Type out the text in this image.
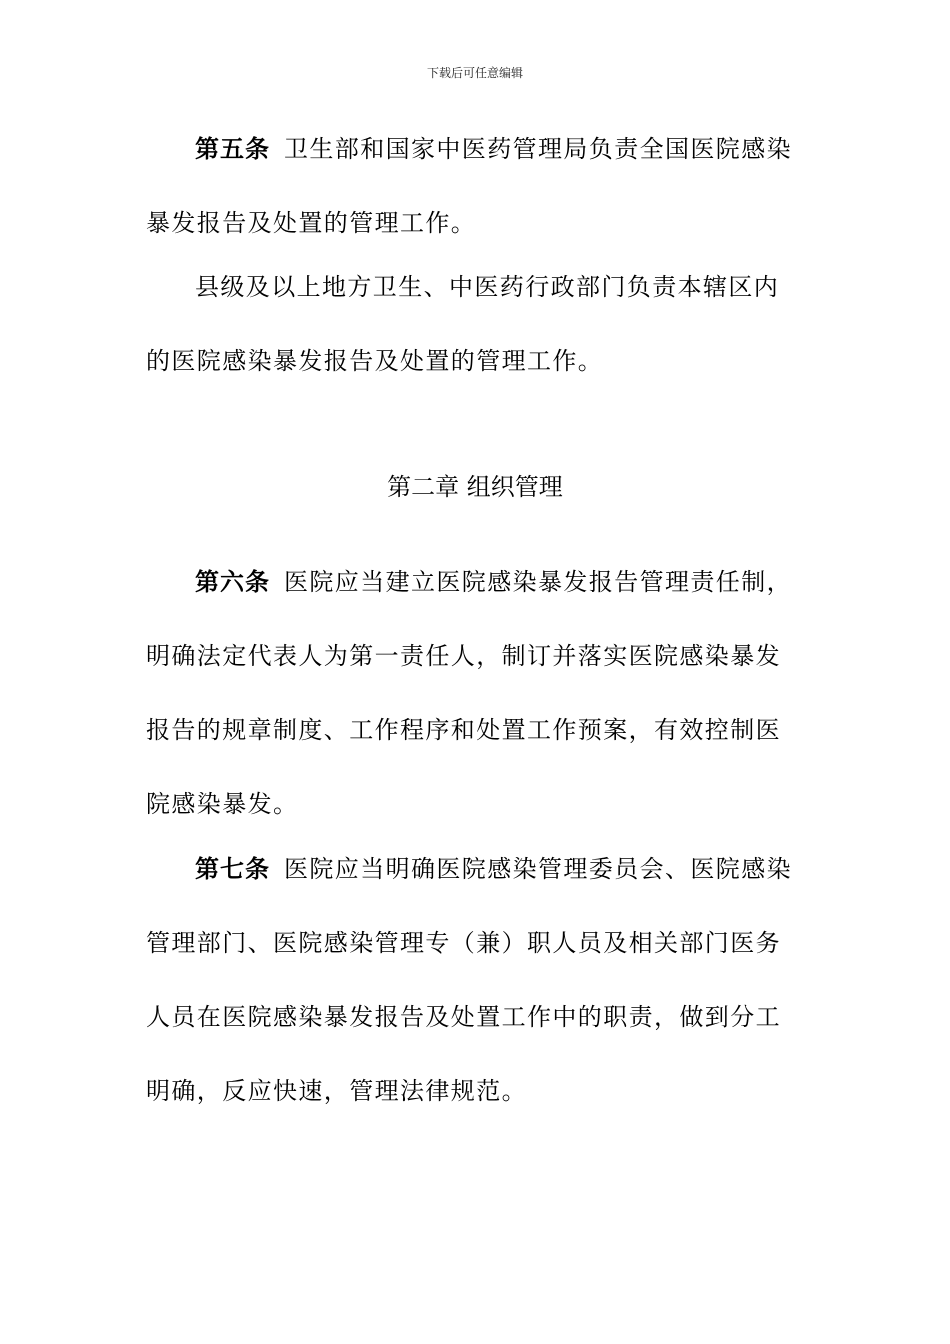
下载后可任意编辑
第五条 卫生部和国家中医药管理局负责全国医院感染
暴发报告及处置的管理工作。
县级及以上地方卫生、中医药行政部门负责本辖区内
的医院感染暴发报告及处置的管理工作。
第二章 组织管理
第六条 医院应当建立医院感染暴发报告管理责任制，
明确法定代表人为第一责任人，制订并落实医院感染暴发
报告的规章制度、工作程序和处置工作预案，有效控制医
院感染暴发。
第七条 医院应当明确医院感染管理委员会、医院感染
管理部门、医院感染管理专（兼）职人员及相关部门医务
人员在医院感染暴发报告及处置工作中的职责，做到分工
明确，反应快速，管理法律规范。
